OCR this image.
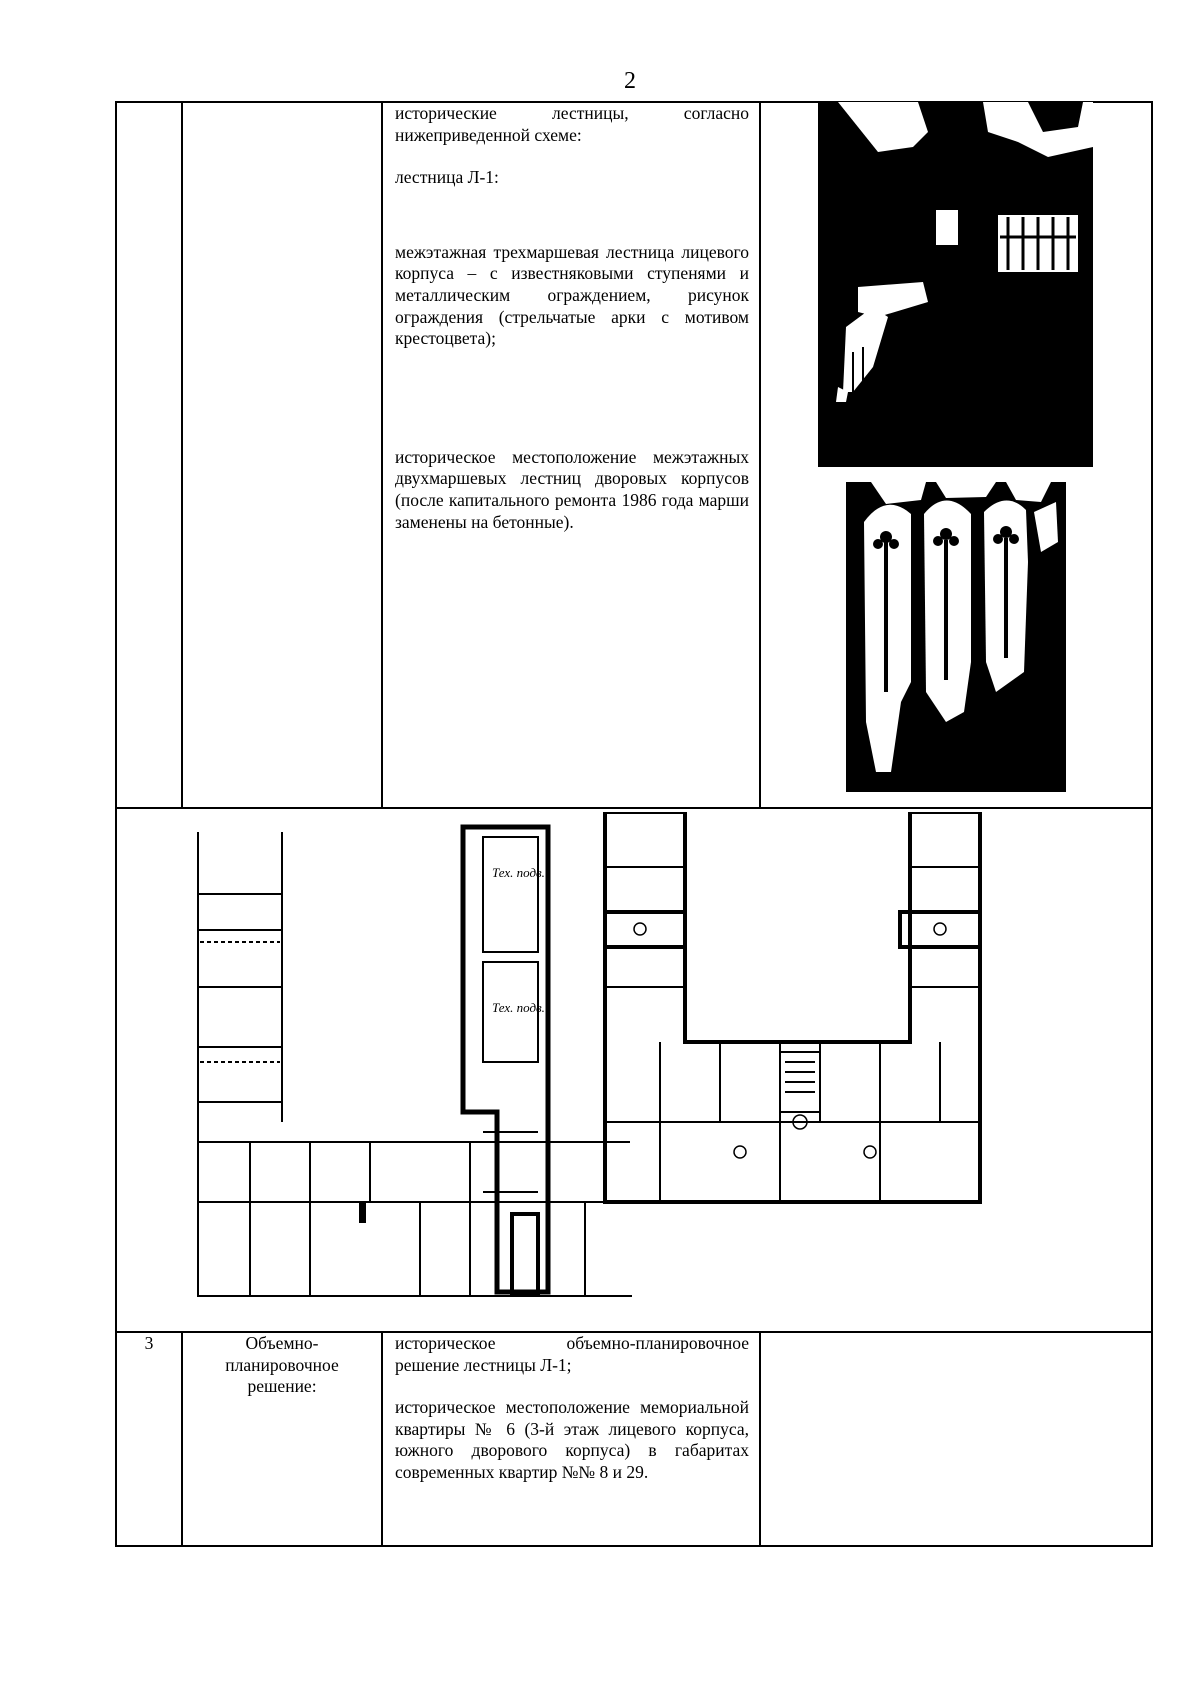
2

исторические лестницы, согласно нижеприведенной схеме:

лестница Л-1:

межэтажная трехмаршевая лестница лицевого корпуса – с известняковыми ступенями и металлическим ограждением, рисунок ограждения (стрельчатые арки с мотивом крестоцвета);

историческое местоположение межэтажных двухмаршевых лестниц дворовых корпусов (после капитального ремонта 1986 года марши заменены на бетонные).

Тех. подв.
Тех. подв.
3	Объемно-планировочное решение:

историческое объемно-планировочное решение лестницы Л-1;

историческое местоположение мемориальной квартиры № 6 (3-й этаж лицевого корпуса, южного дворового корпуса) в габаритах современных квартир №№ 8 и 29.
